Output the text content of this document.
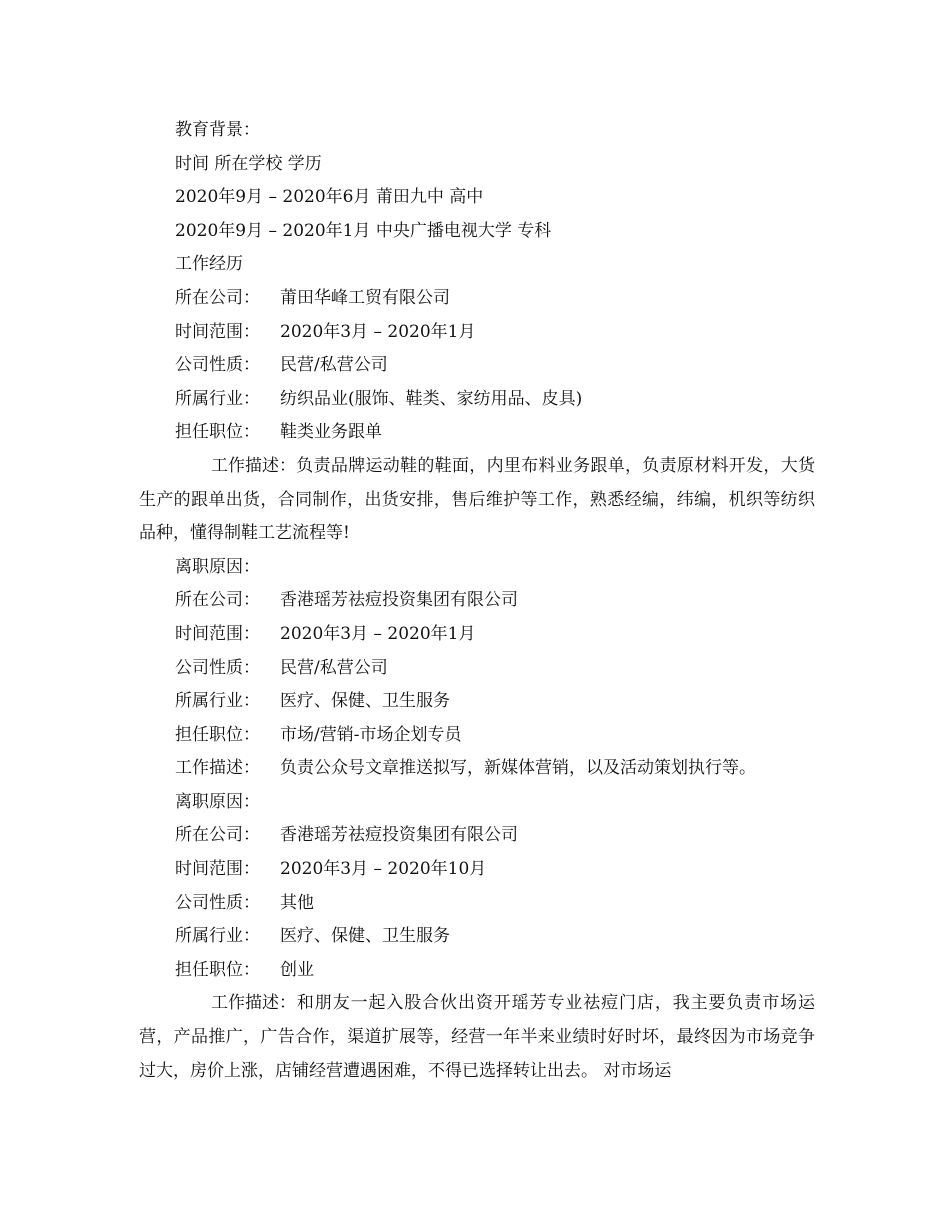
教育背景：
时间 所在学校 学历
2020年9月 – 2020年6月 莆田九中 高中
2020年9月 – 2020年1月 中央广播电视大学 专科
工作经历
所在公司： 莆田华峰工贸有限公司
时间范围： 2020年3月 – 2020年1月
公司性质： 民营/私营公司
所属行业： 纺织品业(服饰、鞋类、家纺用品、皮具)
担任职位： 鞋类业务跟单
工作描述：负责品牌运动鞋的鞋面，内里布料业务跟单，负责原材料开发，大货生产的跟单出货，合同制作，出货安排，售后维护等工作，熟悉经编，纬编，机织等纺织品种，懂得制鞋工艺流程等!
离职原因：
所在公司： 香港瑶芳祛痘投资集团有限公司
时间范围： 2020年3月 – 2020年1月
公司性质： 民营/私营公司
所属行业： 医疗、保健、卫生服务
担任职位： 市场/营销-市场企划专员
工作描述： 负责公众号文章推送拟写，新媒体营销，以及活动策划执行等。
离职原因：
所在公司： 香港瑶芳祛痘投资集团有限公司
时间范围： 2020年3月 – 2020年10月
公司性质： 其他
所属行业： 医疗、保健、卫生服务
担任职位： 创业
工作描述：和朋友一起入股合伙出资开瑶芳专业祛痘门店，我主要负责市场运营，产品推广，广告合作，渠道扩展等，经营一年半来业绩时好时坏，最终因为市场竞争过大，房价上涨，店铺经营遭遇困难，不得已选择转让出去。 对市场运
